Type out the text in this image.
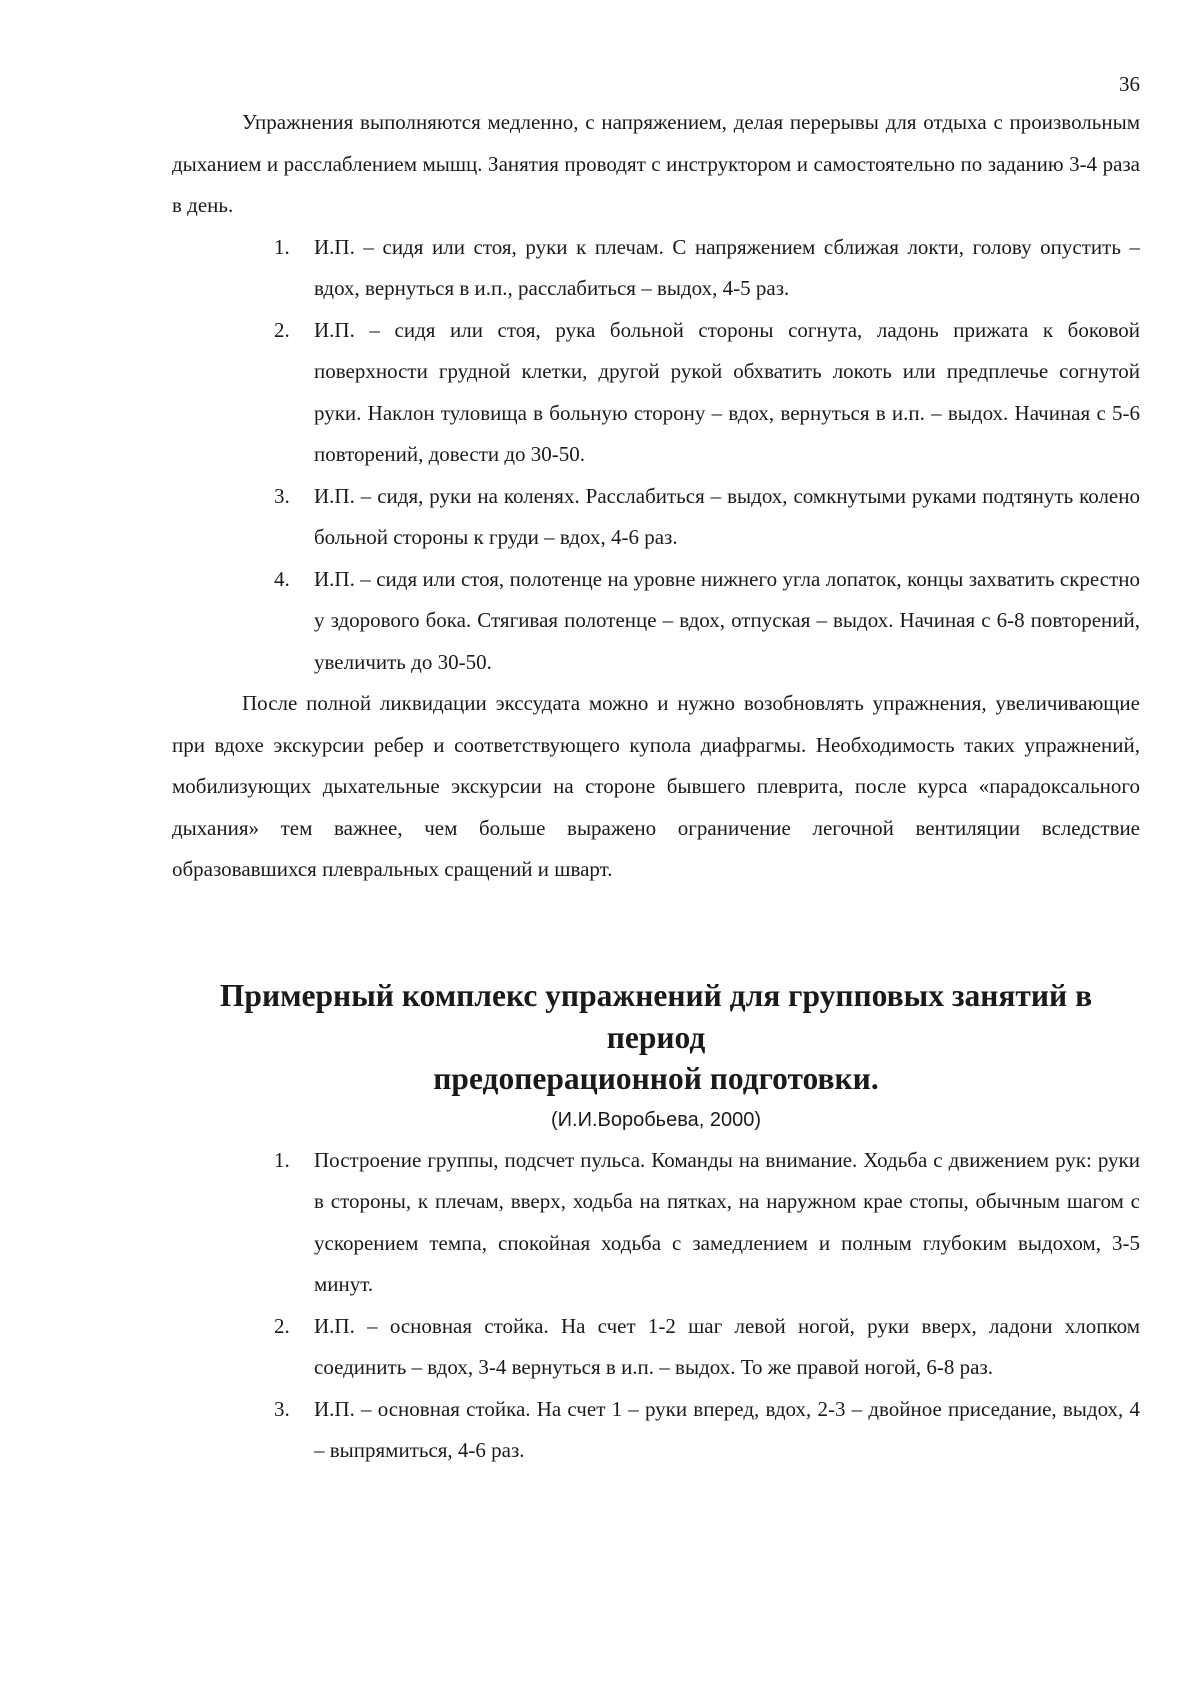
36

Упражнения выполняются медленно, с напряжением, делая перерывы для отдыха с произвольным дыханием и расслаблением мышц. Занятия проводят с инструктором и самостоятельно по заданию 3-4 раза в день.

1. И.П. – сидя или стоя, руки к плечам. С напряжением сближая локти, голову опустить – вдох, вернуться в и.п., расслабиться – выдох, 4-5 раз.
2. И.П. – сидя или стоя, рука больной стороны согнута, ладонь прижата к боковой поверхности грудной клетки, другой рукой обхватить локоть или предплечье согнутой руки. Наклон туловища в больную сторону – вдох, вернуться в и.п. – выдох. Начиная с 5-6 повторений, довести до 30-50.
3. И.П. – сидя, руки на коленях. Расслабиться – выдох, сомкнутыми руками подтянуть колено больной стороны к груди – вдох, 4-6 раз.
4. И.П. – сидя или стоя, полотенце на уровне нижнего угла лопаток, концы захватить скрестно у здорового бока. Стягивая полотенце – вдох, отпуская – выдох. Начиная с 6-8 повторений, увеличить до 30-50.

После полной ликвидации экссудата можно и нужно возобновлять упражнения, увеличивающие при вдохе экскурсии ребер и соответствующего купола диафрагмы. Необходимость таких упражнений, мобилизующих дыхательные экскурсии на стороне бывшего плеврита, после курса «парадоксального дыхания» тем важнее, чем больше выражено ограничение легочной вентиляции вследствие образовавшихся плевральных сращений и шварт.

Примерный комплекс упражнений для групповых занятий в период
предоперационной подготовки.

(И.И.Воробьева, 2000)

1. Построение группы, подсчет пульса. Команды на внимание. Ходьба с движением рук: руки в стороны, к плечам, вверх, ходьба на пятках, на наружном крае стопы, обычным шагом с ускорением темпа, спокойная ходьба с замедлением и полным глубоким выдохом, 3-5 минут.
2. И.П. – основная стойка. На счет 1-2 шаг левой ногой, руки вверх, ладони хлопком соединить – вдох, 3-4 вернуться в и.п. – выдох. То же правой ногой, 6-8 раз.
3. И.П. – основная стойка. На счет 1 – руки вперед, вдох, 2-3 – двойное приседание, выдох, 4 – выпрямиться, 4-6 раз.
